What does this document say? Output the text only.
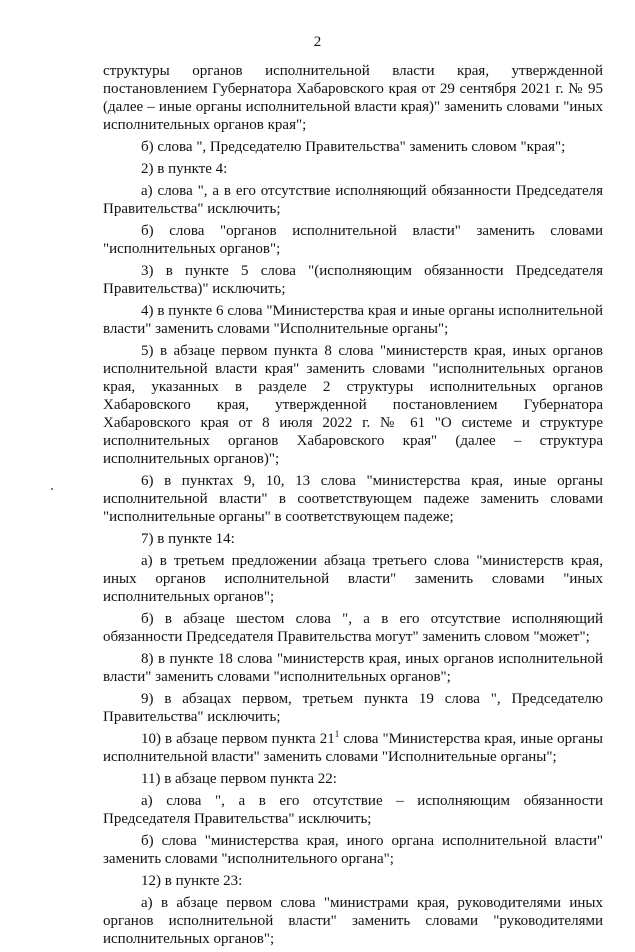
2

структуры органов исполнительной власти края, утвержденной постановлением Губернатора Хабаровского края от 29 сентября 2021 г. № 95 (далее – иные органы исполнительной власти края)" заменить словами "иных исполнительных органов края";

б) слова ", Председателю Правительства" заменить словом "края";

2) в пункте 4:

а) слова ", а в его отсутствие исполняющий обязанности Председателя Правительства" исключить;

б) слова "органов исполнительной власти" заменить словами "исполнительных органов";

3) в пункте 5 слова "(исполняющим обязанности Председателя Правительства)" исключить;

4) в пункте 6 слова "Министерства края и иные органы исполнительной власти" заменить словами "Исполнительные органы";

5) в абзаце первом пункта 8 слова "министерств края, иных органов исполнительной власти края" заменить словами "исполнительных органов края, указанных в разделе 2 структуры исполнительных органов Хабаровского края, утвержденной постановлением Губернатора Хабаровского края от 8 июля 2022 г. № 61 "О системе и структуре исполнительных органов Хабаровского края" (далее – структура исполнительных органов)";

6) в пунктах 9, 10, 13 слова "министерства края, иные органы исполнительной власти" в соответствующем падеже заменить словами "исполнительные органы" в соответствующем падеже;

7) в пункте 14:

а) в третьем предложении абзаца третьего слова "министерств края, иных органов исполнительной власти" заменить словами "иных исполнительных органов";

б) в абзаце шестом слова ", а в его отсутствие исполняющий обязанности Председателя Правительства могут" заменить словом "может";

8) в пункте 18 слова "министерств края, иных органов исполнительной власти" заменить словами "исполнительных органов";

9) в абзацах первом, третьем пункта 19 слова ", Председателю Правительства" исключить;

10) в абзаце первом пункта $21^1$ слова "Министерства края, иные органы исполнительной власти" заменить словами "Исполнительные органы";

11) в абзаце первом пункта 22:

а) слова ", а в его отсутствие – исполняющим обязанности Председателя Правительства" исключить;

б) слова "министерства края, иного органа исполнительной власти" заменить словами "исполнительного органа";

12) в пункте 23:

а) в абзаце первом слова "министрами края, руководителями иных органов исполнительной власти" заменить словами "руководителями исполнительных органов";
